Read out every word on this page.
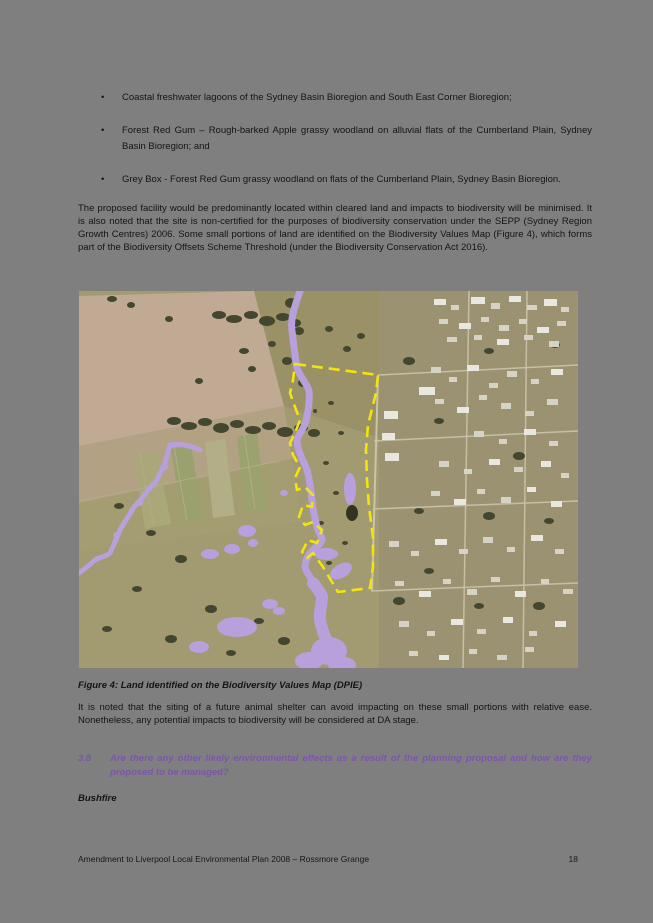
• Coastal freshwater lagoons of the Sydney Basin Bioregion and South East Corner Bioregion;
• Forest Red Gum – Rough-barked Apple grassy woodland on alluvial flats of the Cumberland Plain, Sydney Basin Bioregion; and
• Grey Box - Forest Red Gum grassy woodland on flats of the Cumberland Plain, Sydney Basin Bioregion.
The proposed facility would be predominantly located within cleared land and impacts to biodiversity will be minimised. It is also noted that the site is non-certified for the purposes of biodiversity conservation under the SEPP (Sydney Region Growth Centres) 2006. Some small portions of land are identified on the Biodiversity Values Map (Figure 4), which forms part of the Biodiversity Offsets Scheme Threshold (under the Biodiversity Conservation Act 2016).
Figure 4: Land identified on the Biodiversity Values Map (DPIE)
It is noted that the siting of a future animal shelter can avoid impacting on these small portions with relative ease. Nonetheless, any potential impacts to biodiversity will be considered at DA stage.
3.8 Are there any other likely environmental effects as a result of the planning proposal and how are they proposed to be managed?
Bushfire
Amendment to Liverpool Local Environmental Plan 2008 – Rossmore Grange	18
